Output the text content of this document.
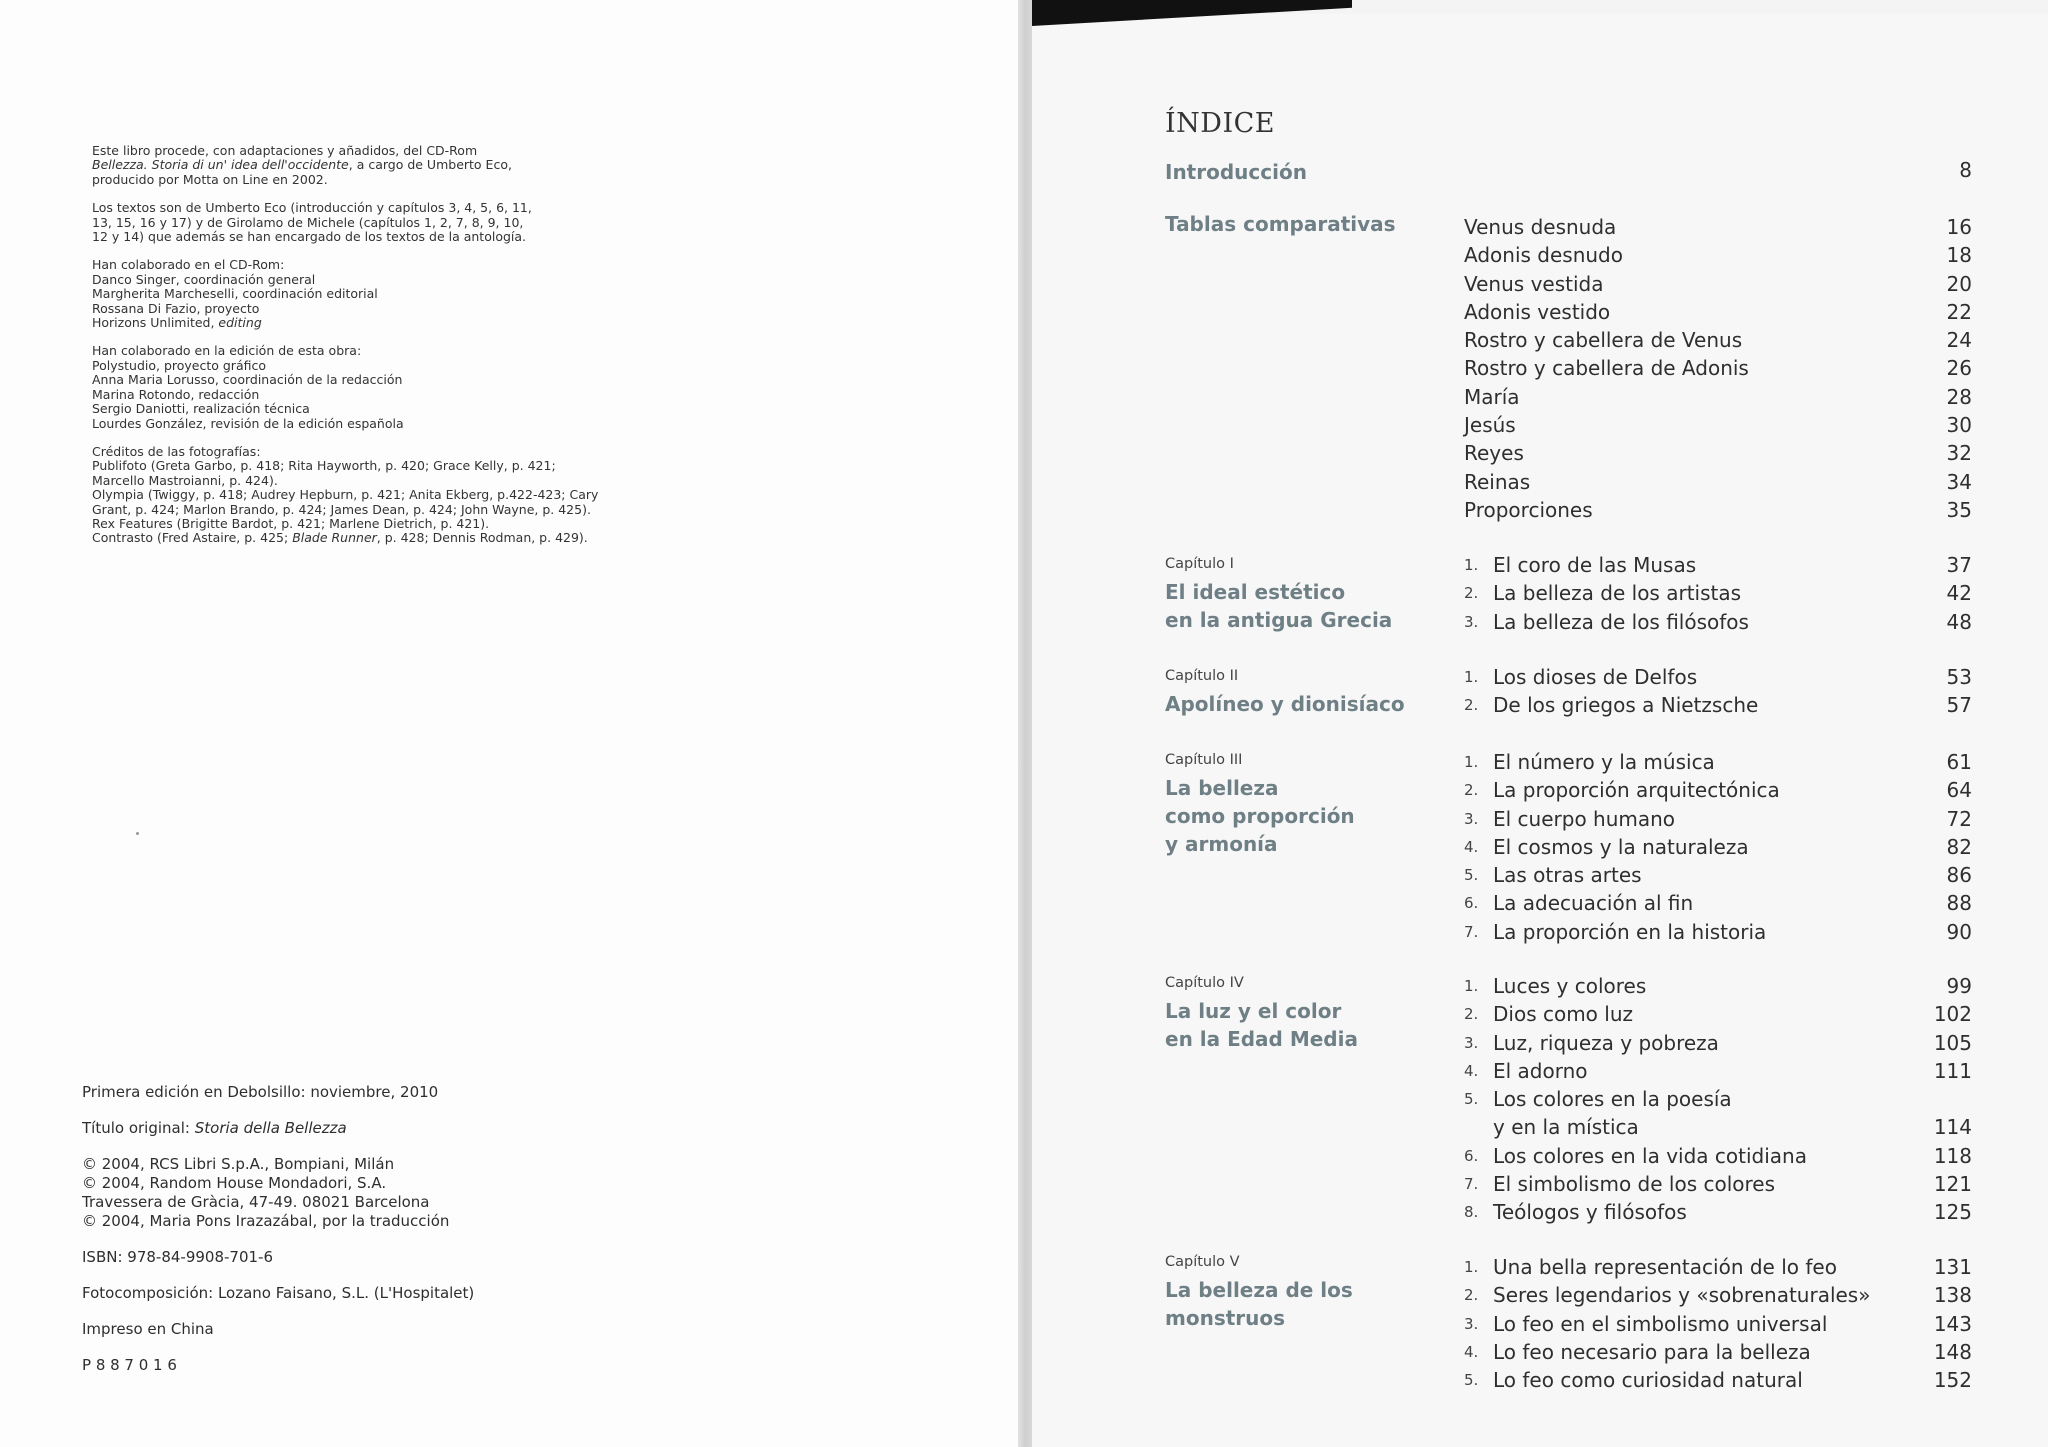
Este libro procede, con adaptaciones y añadidos, del CD-Rom
Bellezza. Storia di un' idea dell'occidente, a cargo de Umberto Eco,
producido por Motta on Line en 2002.

Los textos son de Umberto Eco (introducción y capítulos 3, 4, 5, 6, 11,
13, 15, 16 y 17) y de Girolamo de Michele (capítulos 1, 2, 7, 8, 9, 10,
12 y 14) que además se han encargado de los textos de la antología.

Han colaborado en el CD-Rom:
Danco Singer, coordinación general
Margherita Marcheselli, coordinación editorial
Rossana Di Fazio, proyecto
Horizons Unlimited, editing

Han colaborado en la edición de esta obra:
Polystudio, proyecto gráfico
Anna Maria Lorusso, coordinación de la redacción
Marina Rotondo, redacción
Sergio Daniotti, realización técnica
Lourdes González, revisión de la edición española

Créditos de las fotografías:
Publifoto (Greta Garbo, p. 418; Rita Hayworth, p. 420; Grace Kelly, p. 421;
Marcello Mastroianni, p. 424).
Olympia (Twiggy, p. 418; Audrey Hepburn, p. 421; Anita Ekberg, p.422-423; Cary
Grant, p. 424; Marlon Brando, p. 424; James Dean, p. 424; John Wayne, p. 425).
Rex Features (Brigitte Bardot, p. 421; Marlene Dietrich, p. 421).
Contrasto (Fred Astaire, p. 425; Blade Runner, p. 428; Dennis Rodman, p. 429).

Primera edición en Debolsillo: noviembre, 2010

Título original: Storia della Bellezza

© 2004, RCS Libri S.p.A., Bompiani, Milán
© 2004, Random House Mondadori, S.A.
Travessera de Gràcia, 47-49. 08021 Barcelona
© 2004, Maria Pons Irazazábal, por la traducción

ISBN: 978-84-9908-701-6

Fotocomposición: Lozano Faisano, S.L. (L'Hospitalet)

Impreso en China

P 8 8 7 0 1 6

ÍNDICE
Introducción	8
Tablas comparativas	Venus desnuda	16
Adonis desnudo	18
Venus vestida	20
Adonis vestido	22
Rostro y cabellera de Venus	24
Rostro y cabellera de Adonis	26
María	28
Jesús	30
Reyes	32
Reinas	34
Proporciones	35
Capítulo I
El ideal estético
en la antigua Grecia
1. El coro de las Musas	37
2. La belleza de los artistas	42
3. La belleza de los filósofos	48
Capítulo II
Apolíneo y dionisíaco
1. Los dioses de Delfos	53
2. De los griegos a Nietzsche	57
Capítulo III
La belleza
como proporción
y armonía
1. El número y la música	61
2. La proporción arquitectónica	64
3. El cuerpo humano	72
4. El cosmos y la naturaleza	82
5. Las otras artes	86
6. La adecuación al fin	88
7. La proporción en la historia	90
Capítulo IV
La luz y el color
en la Edad Media
1. Luces y colores	99
2. Dios como luz	102
3. Luz, riqueza y pobreza	105
4. El adorno	111
5. Los colores en la poesía
y en la mística	114
6. Los colores en la vida cotidiana	118
7. El simbolismo de los colores	121
8. Teólogos y filósofos	125
Capítulo V
La belleza de los monstruos
1. Una bella representación de lo feo	131
2. Seres legendarios y «sobrenaturales»	138
3. Lo feo en el simbolismo universal	143
4. Lo feo necesario para la belleza	148
5. Lo feo como curiosidad natural	152
